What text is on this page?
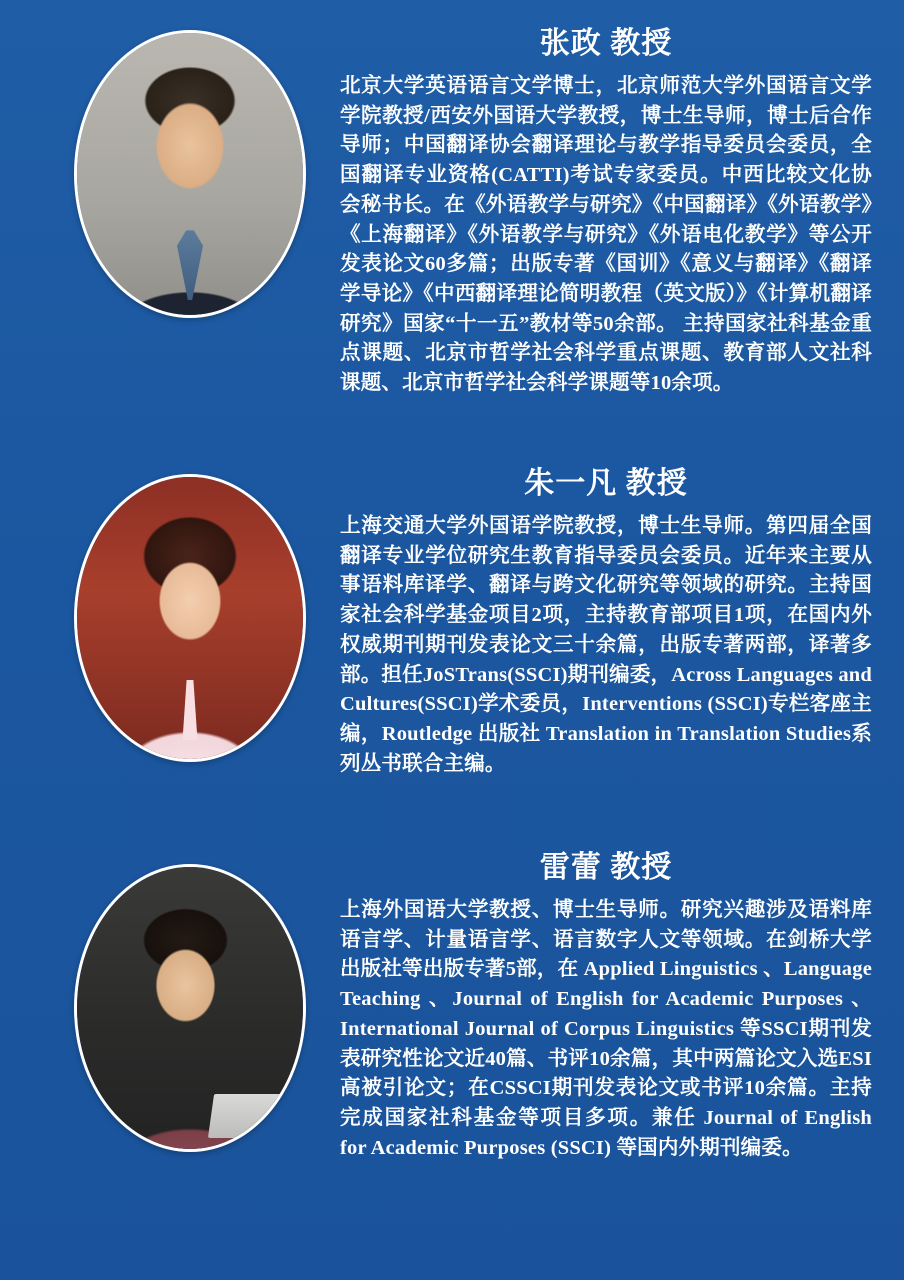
张政 教授

北京大学英语语言文学博士，北京师范大学外国语言文学学院教授/西安外国语大学教授，博士生导师，博士后合作导师；中国翻译协会翻译理论与教学指导委员会委员，全国翻译专业资格(CATTI)考试专家委员。中西比较文化协会秘书长。在《外语教学与研究》《中国翻译》《外语教学》《上海翻译》《外语教学与研究》《外语电化教学》等公开发表论文60多篇；出版专著《国训》《意义与翻译》《翻译学导论》《中西翻译理论简明教程（英文版）》《计算机翻译研究》国家“十一五”教材等50余部。 主持国家社科基金重点课题、北京市哲学社会科学重点课题、教育部人文社科课题、北京市哲学社会科学课题等10余项。

朱一凡 教授

上海交通大学外国语学院教授，博士生导师。第四届全国翻译专业学位研究生教育指导委员会委员。近年来主要从事语料库译学、翻译与跨文化研究等领域的研究。主持国家社会科学基金项目2项，主持教育部项目1项，在国内外权威期刊期刊发表论文三十余篇，出版专著两部，译著多部。担任JoSTrans(SSCI)期刊编委，Across Languages and Cultures(SSCI)学术委员，Interventions (SSCI)专栏客座主编，Routledge 出版社 Translation in Translation Studies系列丛书联合主编。

雷蕾 教授

上海外国语大学教授、博士生导师。研究兴趣涉及语料库语言学、计量语言学、语言数字人文等领域。在剑桥大学出版社等出版专著5部，在 Applied Linguistics 、Language Teaching 、Journal of English for Academic Purposes 、International Journal of Corpus Linguistics 等SSCI期刊发表研究性论文近40篇、书评10余篇，其中两篇论文入选ESI高被引论文；在CSSCI期刊发表论文或书评10余篇。主持完成国家社科基金等项目多项。兼任 Journal of English for Academic Purposes (SSCI) 等国内外期刊编委。
